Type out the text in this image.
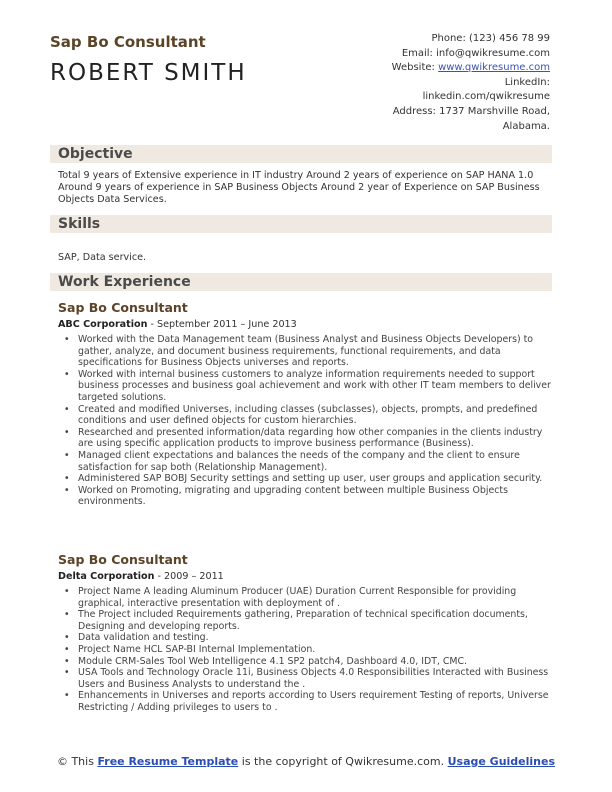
Sap Bo Consultant
ROBERT SMITH
Phone: (123) 456 78 99
Email: info@qwikresume.com
Website: www.qwikresume.com
LinkedIn:
linkedin.com/qwikresume
Address: 1737 Marshville Road,
Alabama.
Objective
Total 9 years of Extensive experience in IT industry Around 2 years of experience on SAP HANA 1.0 Around 9 years of experience in SAP Business Objects Around 2 year of Experience on SAP Business Objects Data Services.
Skills
SAP, Data service.
Work Experience
Sap Bo Consultant
ABC Corporation - September 2011 – June 2013
• Worked with the Data Management team (Business Analyst and Business Objects Developers) to gather, analyze, and document business requirements, functional requirements, and data specifications for Business Objects universes and reports.
• Worked with internal business customers to analyze information requirements needed to support business processes and business goal achievement and work with other IT team members to deliver targeted solutions.
• Created and modified Universes, including classes (subclasses), objects, prompts, and predefined conditions and user defined objects for custom hierarchies.
• Researched and presented information/data regarding how other companies in the clients industry are using specific application products to improve business performance (Business).
• Managed client expectations and balances the needs of the company and the client to ensure satisfaction for sap both (Relationship Management).
• Administered SAP BOBJ Security settings and setting up user, user groups and application security.
• Worked on Promoting, migrating and upgrading content between multiple Business Objects environments.
Sap Bo Consultant
Delta Corporation - 2009 – 2011
• Project Name A leading Aluminum Producer (UAE) Duration Current Responsible for providing graphical, interactive presentation with deployment of .
• The Project included Requirements gathering, Preparation of technical specification documents, Designing and developing reports.
• Data validation and testing.
• Project Name HCL SAP-BI Internal Implementation.
• Module CRM-Sales Tool Web Intelligence 4.1 SP2 patch4, Dashboard 4.0, IDT, CMC.
• USA Tools and Technology Oracle 11i, Business Objects 4.0 Responsibilities Interacted with Business Users and Business Analysts to understand the .
• Enhancements in Universes and reports according to Users requirement Testing of reports, Universe Restricting / Adding privileges to users to .
© This Free Resume Template is the copyright of Qwikresume.com. Usage Guidelines
